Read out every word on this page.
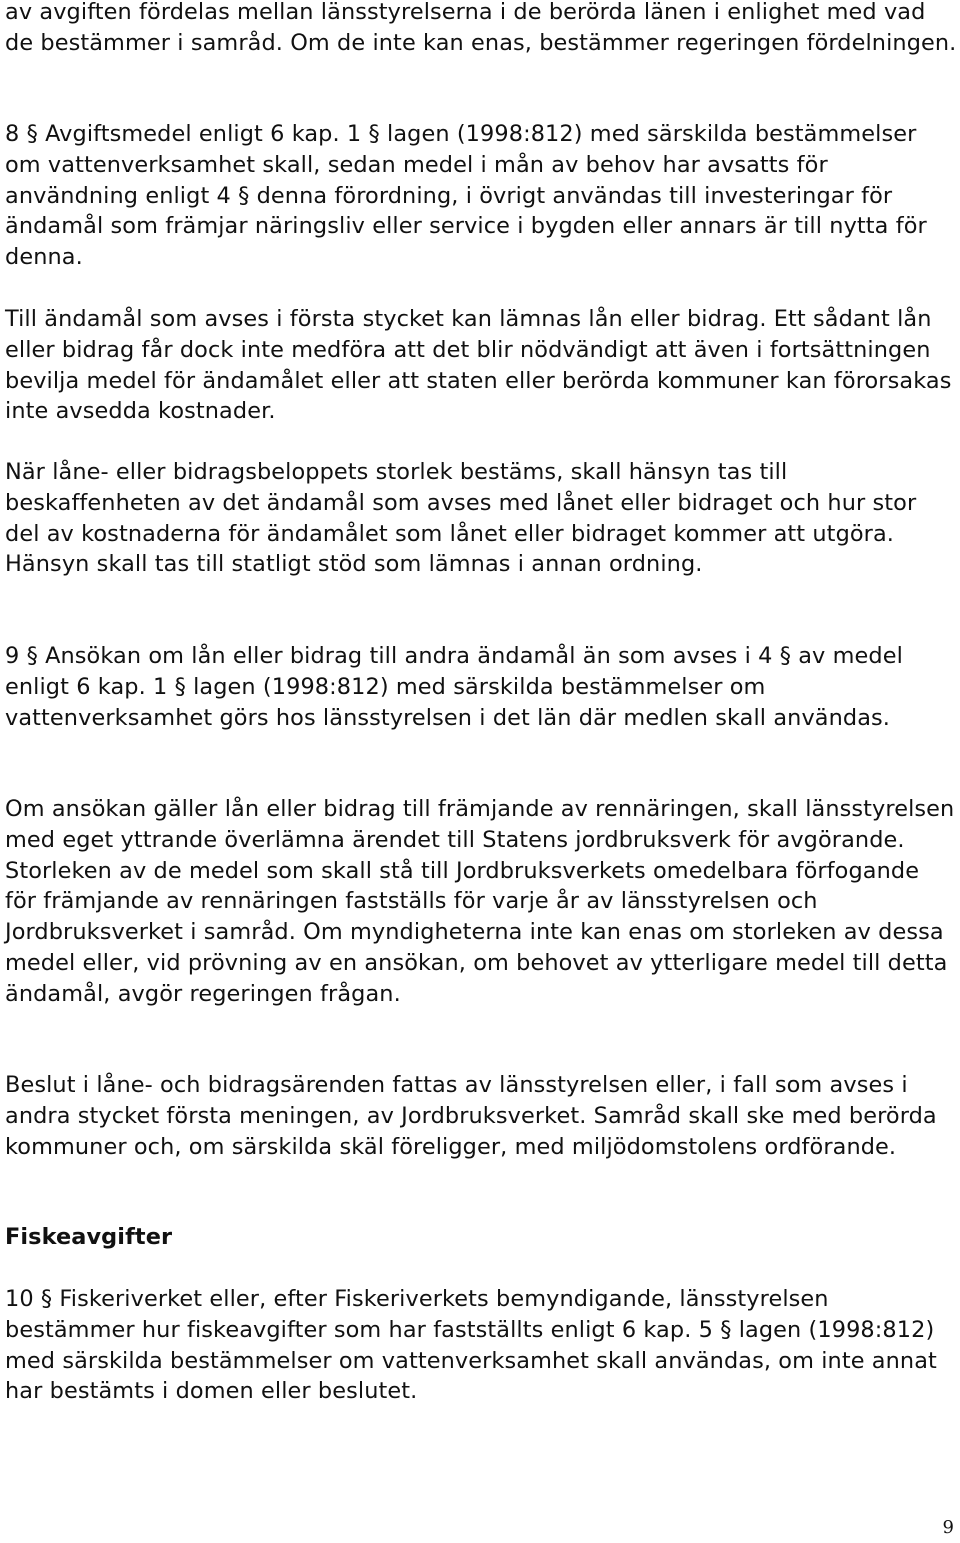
av avgiften fördelas mellan länsstyrelserna i de berörda länen i enlighet med vad de bestämmer i samråd. Om de inte kan enas, bestämmer regeringen fördelningen.

8 § Avgiftsmedel enligt 6 kap. 1 § lagen (1998:812) med särskilda bestämmelser om vattenverksamhet skall, sedan medel i mån av behov har avsatts för användning enligt 4 § denna förordning, i övrigt användas till investeringar för ändamål som främjar näringsliv eller service i bygden eller annars är till nytta för denna.

Till ändamål som avses i första stycket kan lämnas lån eller bidrag. Ett sådant lån eller bidrag får dock inte medföra att det blir nödvändigt att även i fortsättningen bevilja medel för ändamålet eller att staten eller berörda kommuner kan förorsakas inte avsedda kostnader.

När låne- eller bidragsbeloppets storlek bestäms, skall hänsyn tas till beskaffenheten av det ändamål som avses med lånet eller bidraget och hur stor del av kostnaderna för ändamålet som lånet eller bidraget kommer att utgöra. Hänsyn skall tas till statligt stöd som lämnas i annan ordning.

9 § Ansökan om lån eller bidrag till andra ändamål än som avses i 4 § av medel enligt 6 kap. 1 § lagen (1998:812) med särskilda bestämmelser om vattenverksamhet görs hos länsstyrelsen i det län där medlen skall användas.

Om ansökan gäller lån eller bidrag till främjande av rennäringen, skall länsstyrelsen med eget yttrande överlämna ärendet till Statens jordbruksverk för avgörande. Storleken av de medel som skall stå till Jordbruksverkets omedelbara förfogande för främjande av rennäringen fastställs för varje år av länsstyrelsen och Jordbruksverket i samråd. Om myndigheterna inte kan enas om storleken av dessa medel eller, vid prövning av en ansökan, om behovet av ytterligare medel till detta ändamål, avgör regeringen frågan.

Beslut i låne- och bidragsärenden fattas av länsstyrelsen eller, i fall som avses i andra stycket första meningen, av Jordbruksverket. Samråd skall ske med berörda kommuner och, om särskilda skäl föreligger, med miljödomstolens ordförande.

Fiskeavgifter

10 § Fiskeriverket eller, efter Fiskeriverkets bemyndigande, länsstyrelsen bestämmer hur fiskeavgifter som har fastställts enligt 6 kap. 5 § lagen (1998:812) med särskilda bestämmelser om vattenverksamhet skall användas, om inte annat har bestämts i domen eller beslutet.

9
